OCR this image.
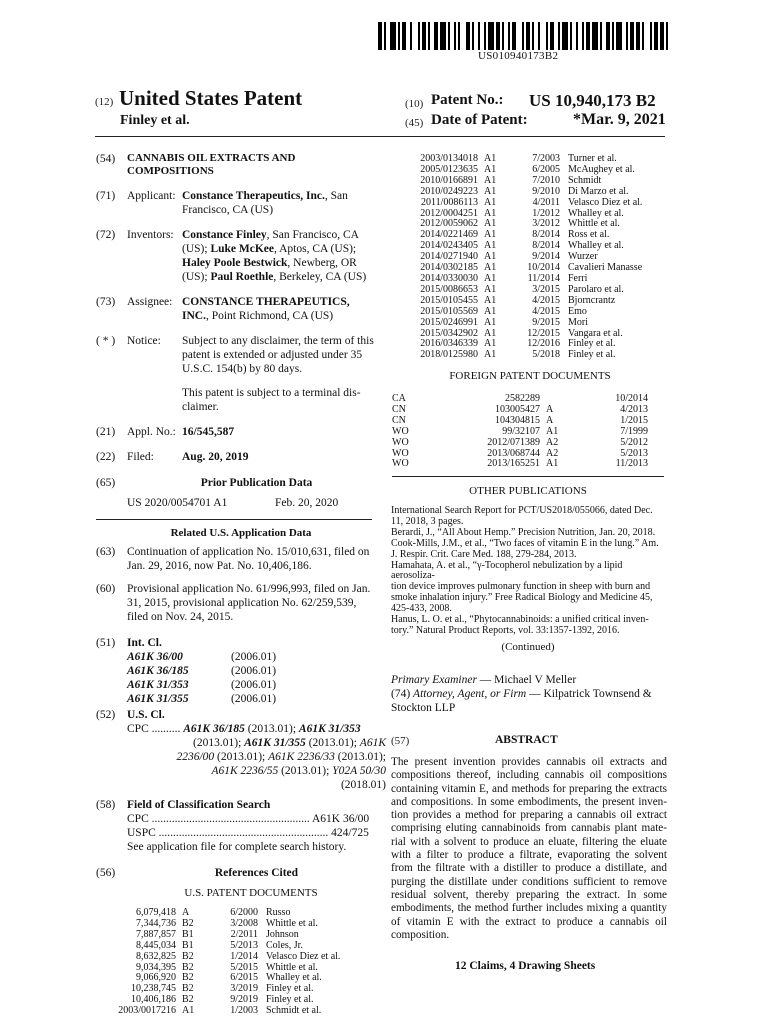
US010940173B2
(12) United States Patent
Finley et al.
(10) Patent No.: US 10,940,173 B2
(45) Date of Patent:	*Mar. 9, 2021
(54)	CANNABIS OIL EXTRACTS AND
COMPOSITIONS
(71)	Applicant: Constance Therapeutics, Inc., San
Francisco, CA (US)
(72)	Inventors: Constance Finley, San Francisco, CA
(US); Luke McKee, Aptos, CA (US);
Haley Poole Bestwick, Newberg, OR
(US); Paul Roethle, Berkeley, CA (US)
(73)	Assignee: CONSTANCE THERAPEUTICS,
INC., Point Richmond, CA (US)
( * )	Notice:	Subject to any disclaimer, the term of this
patent is extended or adjusted under 35
U.S.C. 154(b) by 80 days.
This patent is subject to a terminal dis-
claimer.
(21)	Appl. No.: 16/545,587
(22)	Filed:	Aug. 20, 2019
(65)	Prior Publication Data
US 2020/0054701 A1	Feb. 20, 2020
Related U.S. Application Data
(63)	Continuation of application No. 15/010,631, filed on
Jan. 29, 2016, now Pat. No. 10,406,186.
(60)	Provisional application No. 61/996,993, filed on Jan.
31, 2015, provisional application No. 62/259,539,
filed on Nov. 24, 2015.
(51)	Int. Cl.
A61K 36/00	(2006.01)
A61K 36/185	(2006.01)
A61K 31/353	(2006.01)
A61K 31/355	(2006.01)
(52)	U.S. Cl.
CPC .......... A61K 36/185 (2013.01); A61K 31/353
(2013.01); A61K 31/355 (2013.01); A61K
2236/00 (2013.01); A61K 2236/33 (2013.01);
A61K 2236/55 (2013.01); Y02A 50/30
(2018.01)
(58)	Field of Classification Search
CPC ....................................................... A61K 36/00
USPC ........................................................... 424/725
See application file for complete search history.
(56)	References Cited
U.S. PATENT DOCUMENTS
6,079,418	A	6/2000	Russo
7,344,736	B2	3/2008	Whittle et al.
7,887,857	B1	2/2011	Johnson
8,445,034	B1	5/2013	Coles, Jr.
8,632,825	B2	1/2014	Velasco Diez et al.
9,034,395	B2	5/2015	Whittle et al.
9,066,920	B2	6/2015	Whalley et al.
10,238,745	B2	3/2019	Finley et al.
10,406,186	B2	9/2019	Finley et al.
2003/0017216	A1	1/2003	Schmidt et al.
2003/0134018	A1	7/2003	Turner et al.
2005/0123635	A1	6/2005	McAughey et al.
2010/0166891	A1	7/2010	Schmidt
2010/0249223	A1	9/2010	Di Marzo et al.
2011/0086113	A1	4/2011	Velasco Diez et al.
2012/0004251	A1	1/2012	Whalley et al.
2012/0059062	A1	3/2012	Whittle et al.
2014/0221469	A1	8/2014	Ross et al.
2014/0243405	A1	8/2014	Whalley et al.
2014/0271940	A1	9/2014	Wurzer
2014/0302185	A1	10/2014	Cavalieri Manasse
2014/0330030	A1	11/2014	Ferri
2015/0086653	A1	3/2015	Parolaro et al.
2015/0105455	A1	4/2015	Bjorncrantz
2015/0105569	A1	4/2015	Emo
2015/0246991	A1	9/2015	Mori
2015/0342902	A1	12/2015	Vangara et al.
2016/0346339	A1	12/2016	Finley et al.
2018/0125980	A1	5/2018	Finley et al.
FOREIGN PATENT DOCUMENTS
CA	2582289		10/2014
CN	103005427	A	4/2013
CN	104304815	A	1/2015
WO	99/32107	A1	7/1999
WO	2012/071389	A2	5/2012
WO	2013/068744	A2	5/2013
WO	2013/165251	A1	11/2013
OTHER PUBLICATIONS
International Search Report for PCT/US2018/055066, dated Dec.
11, 2018, 3 pages.
Berardi, J., “All About Hemp.” Precision Nutrition, Jan. 20, 2018.
Cook-Mills, J.M., et al., “Two faces of vitamin E in the lung.” Am.
J. Respir. Crit. Care Med. 188, 279-284, 2013.
Hamahata, A. et al., “γ-Tocopherol nebulization by a lipid aerosoliza-
tion device improves pulmonary function in sheep with burn and
smoke inhalation injury.” Free Radical Biology and Medicine 45,
425-433, 2008.
Hanus, L. O. et al., “Phytocannabinoids: a unified critical inven-
tory.” Natural Product Reports, vol. 33:1357-1392, 2016.
(Continued)
Primary Examiner — Michael V Meller
(74) Attorney, Agent, or Firm — Kilpatrick Townsend &
Stockton LLP
(57)	ABSTRACT
The present invention provides cannabis oil extracts and
compositions thereof, including cannabis oil compositions
containing vitamin E, and methods for preparing the extracts
and compositions. In some embodiments, the present inven-
tion provides a method for preparing a cannabis oil extract
comprising eluting cannabinoids from cannabis plant mate-
rial with a solvent to produce an eluate, filtering the eluate
with a filter to produce a filtrate, evaporating the solvent
from the filtrate with a distiller to produce a distillate, and
purging the distillate under conditions sufficient to remove
residual solvent, thereby preparing the extract. In some
embodiments, the method further includes mixing a quantity
of vitamin E with the extract to produce a cannabis oil
composition.
12 Claims, 4 Drawing Sheets
